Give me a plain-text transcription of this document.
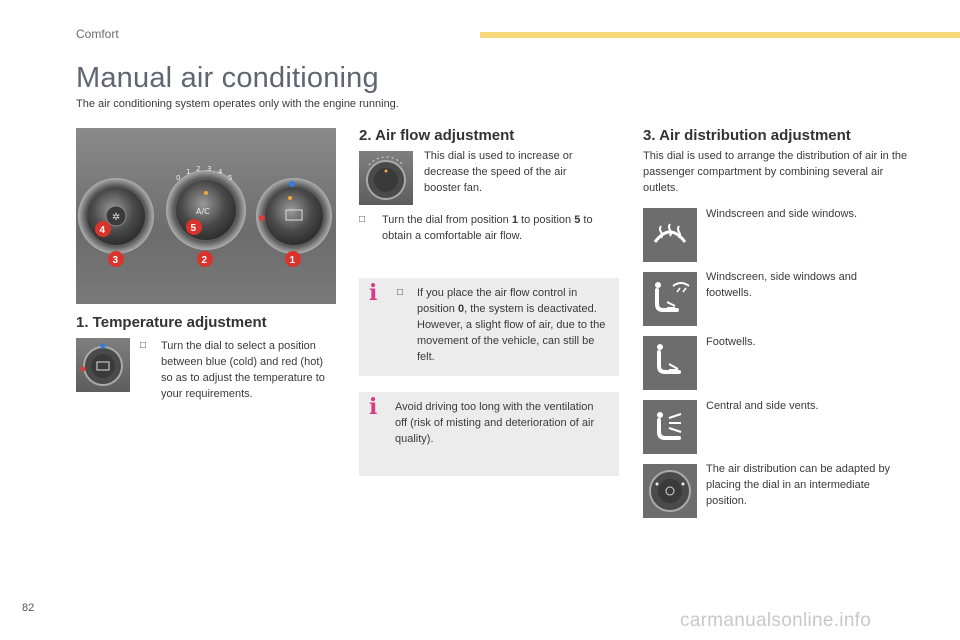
Comfort
Manual air conditioning
The air conditioning system operates only with the engine running.
✲
A/C
0
1 2 3 4
5
4	5
3	2	1
1. Temperature adjustment
□	Turn the dial to select a position between blue (cold) and red (hot) so as to adjust the temperature to your requirements.
2. Air flow adjustment
This dial is used to increase or decrease the speed of the air booster fan.
□	Turn the dial from position 1 to position 5 to obtain a comfortable air flow.
i □	If you place the air flow control in position 0, the system is deactivated. However, a slight flow of air, due to the movement of the vehicle, can still be felt.
i Avoid driving too long with the ventilation off (risk of misting and deterioration of air quality).
3. Air distribution adjustment
This dial is used to arrange the distribution of air in the passenger compartment by combining several air outlets.
Windscreen and side windows.
Windscreen, side windows and footwells.
Footwells.
Central and side vents.
The air distribution can be adapted by placing the dial in an intermediate position.
82
carmanualsonline.info
